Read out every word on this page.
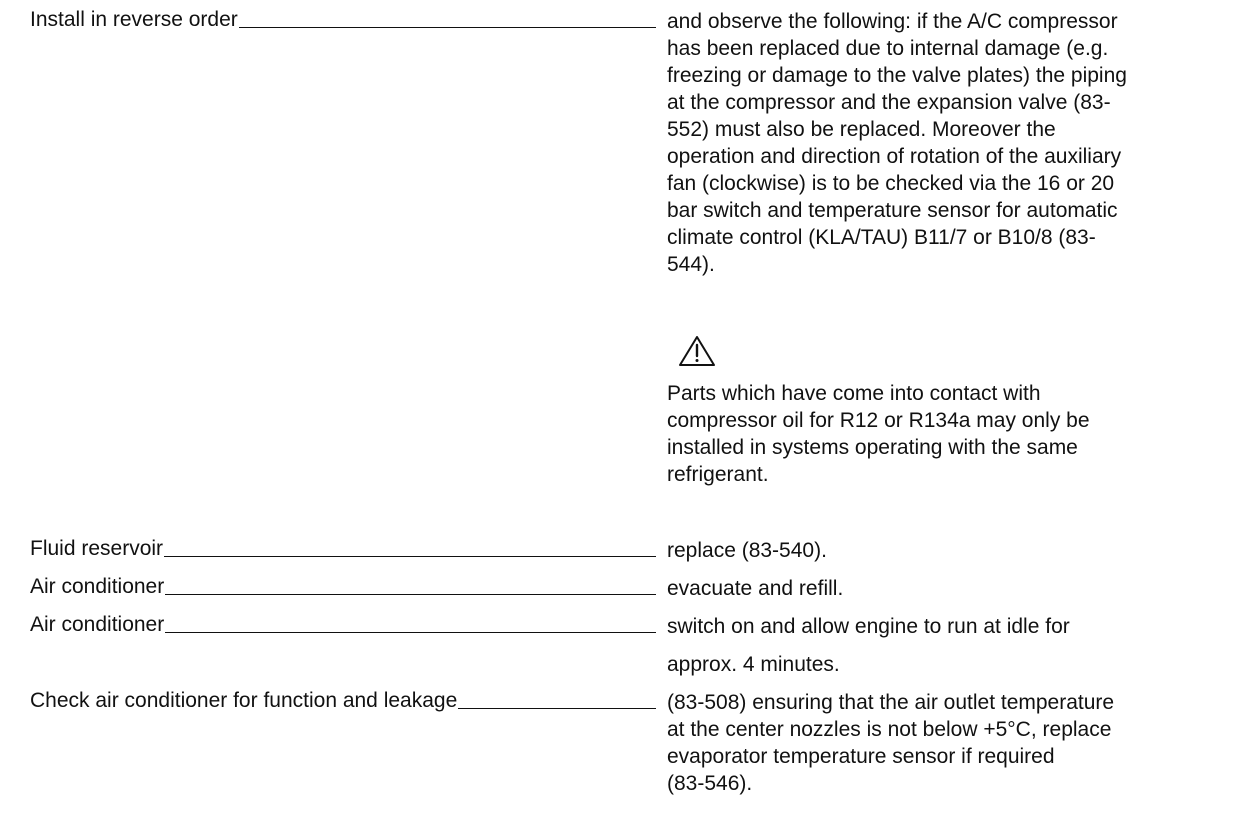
Install in reverse order	and observe the following: if the A/C compressor
has been replaced due to internal damage (e.g.
freezing or damage to the valve plates) the piping
at the compressor and the expansion valve (83-
552) must also be replaced. Moreover the
operation and direction of rotation of the auxiliary
fan (clockwise) is to be checked via the 16 or 20
bar switch and temperature sensor for automatic
climate control (KLA/TAU) B11/7 or B10/8 (83-
544).
Parts which have come into contact with
compressor oil for R12 or R134a may only be
installed in systems operating with the same
refrigerant.
Fluid reservoir	replace (83-540).
Air conditioner	evacuate and refill.
Air conditioner	switch on and allow engine to run at idle for
approx. 4 minutes.
Check air conditioner for function and leakage	(83-508) ensuring that the air outlet temperature
at the center nozzles is not below +5°C, replace
evaporator temperature sensor if required
(83-546).
